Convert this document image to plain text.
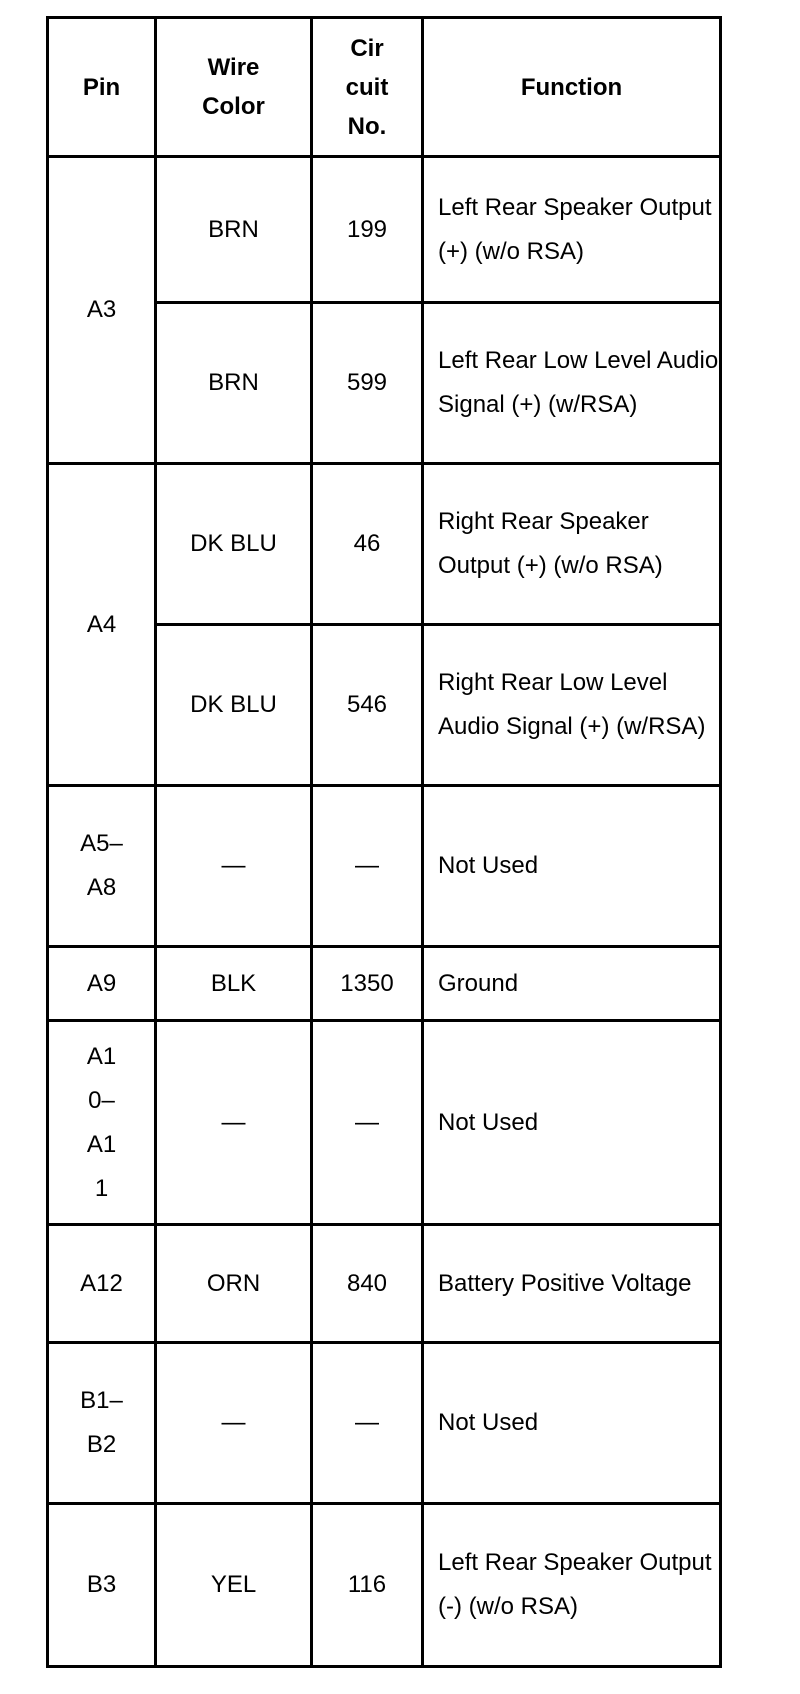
Pin	Wire Color	Circuit No.	Function
A3	BRN	199	Left Rear Speaker Output (+) (w/o RSA)
	BRN	599	Left Rear Low Level Audio Signal (+) (w/RSA)
A4	DK BLU	46	Right Rear Speaker Output (+) (w/o RSA)
	DK BLU	546	Right Rear Low Level Audio Signal (+) (w/RSA)
A5–A8	—	—	Not Used
A9	BLK	1350	Ground
A10–A11	—	—	Not Used
A12	ORN	840	Battery Positive Voltage
B1–B2	—	—	Not Used
B3	YEL	116	Left Rear Speaker Output (-) (w/o RSA)
